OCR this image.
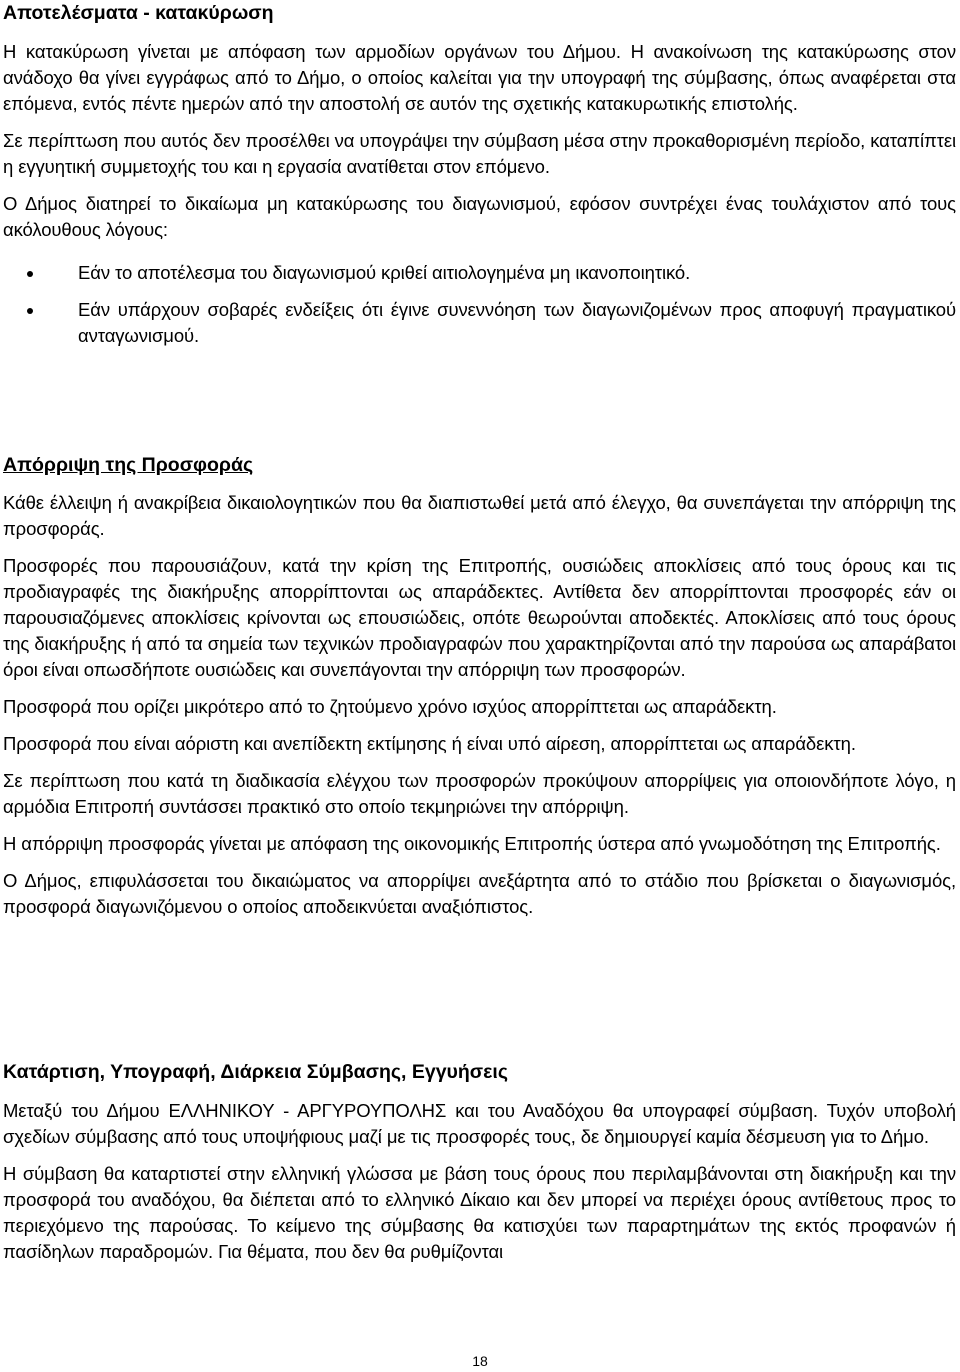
Αποτελέσματα - κατακύρωση

Η κατακύρωση γίνεται με απόφαση των αρμοδίων οργάνων του Δήμου. Η ανακοίνωση της κατακύρωσης στον ανάδοχο θα γίνει εγγράφως από το Δήμο, ο οποίος καλείται για την υπογραφή της σύμβασης, όπως αναφέρεται στα επόμενα, εντός πέντε ημερών από την αποστολή σε αυτόν της σχετικής κατακυρωτικής επιστολής.

Σε περίπτωση που αυτός δεν προσέλθει να υπογράψει την σύμβαση μέσα στην προκαθορισμένη περίοδο, καταπίπτει η εγγυητική συμμετοχής του και η εργασία ανατίθεται στον επόμενο.

Ο Δήμος διατηρεί το δικαίωμα μη κατακύρωσης του διαγωνισμού, εφόσον συντρέχει ένας τουλάχιστον από τους ακόλουθους λόγους:

Εάν το αποτέλεσμα του διαγωνισμού κριθεί αιτιολογημένα μη ικανοποιητικό.
Εάν υπάρχουν σοβαρές ενδείξεις ότι έγινε συνεννόηση των διαγωνιζομένων προς αποφυγή πραγματικού ανταγωνισμού.
Απόρριψη της Προσφοράς

Κάθε έλλειψη ή ανακρίβεια δικαιολογητικών που θα διαπιστωθεί μετά από έλεγχο, θα συνεπάγεται την απόρριψη της προσφοράς.

Προσφορές που παρουσιάζουν, κατά την κρίση της Επιτροπής, ουσιώδεις αποκλίσεις από τους όρους και τις προδιαγραφές της διακήρυξης απορρίπτονται ως απαράδεκτες. Αντίθετα δεν απορρίπτονται προσφορές εάν οι παρουσιαζόμενες αποκλίσεις κρίνονται ως επουσιώδεις, οπότε θεωρούνται αποδεκτές. Αποκλίσεις από τους όρους της διακήρυξης ή από τα σημεία των τεχνικών προδιαγραφών που χαρακτηρίζονται από την παρούσα ως απαράβατοι όροι είναι οπωσδήποτε ουσιώδεις και συνεπάγονται την απόρριψη των προσφορών.

Προσφορά που ορίζει μικρότερο από το ζητούμενο χρόνο ισχύος απορρίπτεται ως απαράδεκτη.

Προσφορά που είναι αόριστη και ανεπίδεκτη εκτίμησης ή είναι υπό αίρεση, απορρίπτεται ως απαράδεκτη.

Σε περίπτωση που κατά τη διαδικασία ελέγχου των προσφορών προκύψουν απορρίψεις για οποιονδήποτε λόγο, η αρμόδια Επιτροπή συντάσσει πρακτικό στο οποίο τεκμηριώνει την απόρριψη.

Η απόρριψη προσφοράς γίνεται με απόφαση της οικονομικής Επιτροπής ύστερα από γνωμοδότηση της Επιτροπής.

Ο Δήμος, επιφυλάσσεται του δικαιώματος να απορρίψει ανεξάρτητα από το στάδιο που βρίσκεται ο διαγωνισμός, προσφορά διαγωνιζόμενου ο οποίος αποδεικνύεται αναξιόπιστος.

Κατάρτιση, Υπογραφή, Διάρκεια Σύμβασης, Εγγυήσεις

Μεταξύ του Δήμου ΕΛΛΗΝΙΚΟΥ - ΑΡΓΥΡΟΥΠΟΛΗΣ και του Αναδόχου θα υπογραφεί σύμβαση. Τυχόν υποβολή σχεδίων σύμβασης από τους υποψήφιους μαζί με τις προσφορές τους, δε δημιουργεί καμία δέσμευση για το Δήμο.

Η σύμβαση θα καταρτιστεί στην ελληνική γλώσσα με βάση τους όρους που περιλαμβάνονται στη διακήρυξη και την προσφορά του αναδόχου, θα διέπεται από το ελληνικό Δίκαιο και δεν μπορεί να περιέχει όρους αντίθετους προς το περιεχόμενο της παρούσας. Το κείμενο της σύμβασης θα κατισχύει των παραρτημάτων της εκτός προφανών ή πασίδηλων παραδρομών. Για θέματα, που δεν θα ρυθμίζονται

18
